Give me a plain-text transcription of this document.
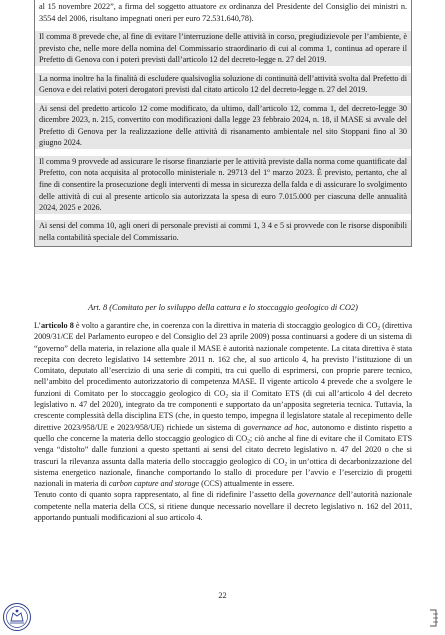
al 15 novembre 2022”, a firma del soggetto attuatore ex ordinanza del Presidente del Consiglio dei ministri n. 3554 del 2006, risultano impegnati oneri per euro 72.531.640,78).

Il comma 8 prevede che, al fine di evitare l’interruzione delle attività in corso, pregiudizievole per l’ambiente, è previsto che, nelle more della nomina del Commissario straordinario di cui al comma 1, continua ad operare il Prefetto di Genova con i poteri previsti dall’articolo 12 del decreto-legge n. 27 del 2019.

La norma inoltre ha la finalità di escludere qualsivoglia soluzione di continuità dell’attività svolta dal Prefetto di Genova e dei relativi poteri derogatori previsti dal citato articolo 12 del decreto-legge n. 27 del 2019.

Ai sensi del predetto articolo 12 come modificato, da ultimo, dall’articolo 12, comma 1, del decreto-legge 30 dicembre 2023, n. 215, convertito con modificazioni dalla legge 23 febbraio 2024, n. 18, il MASE si avvale del Prefetto di Genova per la realizzazione delle attività di risanamento ambientale nel sito Stoppani fino al 30 giugno 2024.

Il comma 9 provvede ad assicurare le risorse finanziarie per le attività previste dalla norma come quantificate dal Prefetto, con nota acquisita al protocollo ministeriale n. 29713 del 1$^o$ marzo 2023. È previsto, pertanto, che al fine di consentire la prosecuzione degli interventi di messa in sicurezza della falda e di assicurare lo svolgimento delle attività di cui al presente articolo sia autorizzata la spesa di euro 7.015.000 per ciascuna delle annualità 2024, 2025 e 2026.

Ai sensi del comma 10, agli oneri di personale previsti ai commi 1, 3 4 e 5 si provvede con le risorse disponibili nella contabilità speciale del Commissario.

Art. 8 (Comitato per lo sviluppo della cattura e lo stoccaggio geologico di CO2)

L’articolo 8 è volto a garantire che, in coerenza con la direttiva in materia di stoccaggio geologico di $CO_2$ (direttiva 2009/31/CE del Parlamento europeo e del Consiglio del 23 aprile 2009) possa continuarsi a godere di un sistema di “governo” della materia, in relazione alla quale il MASE è autorità nazionale competente. La citata direttiva è stata recepita con decreto legislativo 14 settembre 2011 n. 162 che, al suo articolo 4, ha previsto l’istituzione di un Comitato, deputato all’esercizio di una serie di compiti, tra cui quello di esprimersi, con proprie parere tecnico, nell’ambito del procedimento autorizzatorio di competenza MASE. Il vigente articolo 4 prevede che a svolgere le funzioni di Comitato per lo stoccaggio geologico di $CO_2$ sia il Comitato ETS (di cui all’articolo 4 del decreto legislativo n. 47 del 2020), integrato da tre componenti e supportato da un’apposita segreteria tecnica. Tuttavia, la crescente complessità della disciplina ETS (che, in questo tempo, impegna il legislatore statale al recepimento delle direttive 2023/958/UE e 2023/958/UE) richiede un sistema di governance ad hoc, autonomo e distinto rispetto a quello che concerne la materia dello stoccaggio geologico di $CO_2$; ciò anche al fine di evitare che il Comitato ETS venga “distolto” dalle funzioni a questo spettanti ai sensi del citato decreto legislativo n. 47 del 2020 o che si trascuri la rilevanza assunta dalla materia dello stoccaggio geologico di $CO_2$ in un’ottica di decarbonizzazione del sistema energetico nazionale, finanche comportando lo stallo di procedure per l’avvio e l’esercizio di progetti nazionali in materia di carbon capture and storage (CCS) attualmente in essere.

Tenuto conto di quanto sopra rappresentato, al fine di ridefinire l’assetto della governance dell’autorità nazionale competente nella materia della CCS, si ritiene dunque necessario novellare il decreto legislativo n. 162 del 2011, apportando puntuali modificazioni al suo articolo 4.

22
